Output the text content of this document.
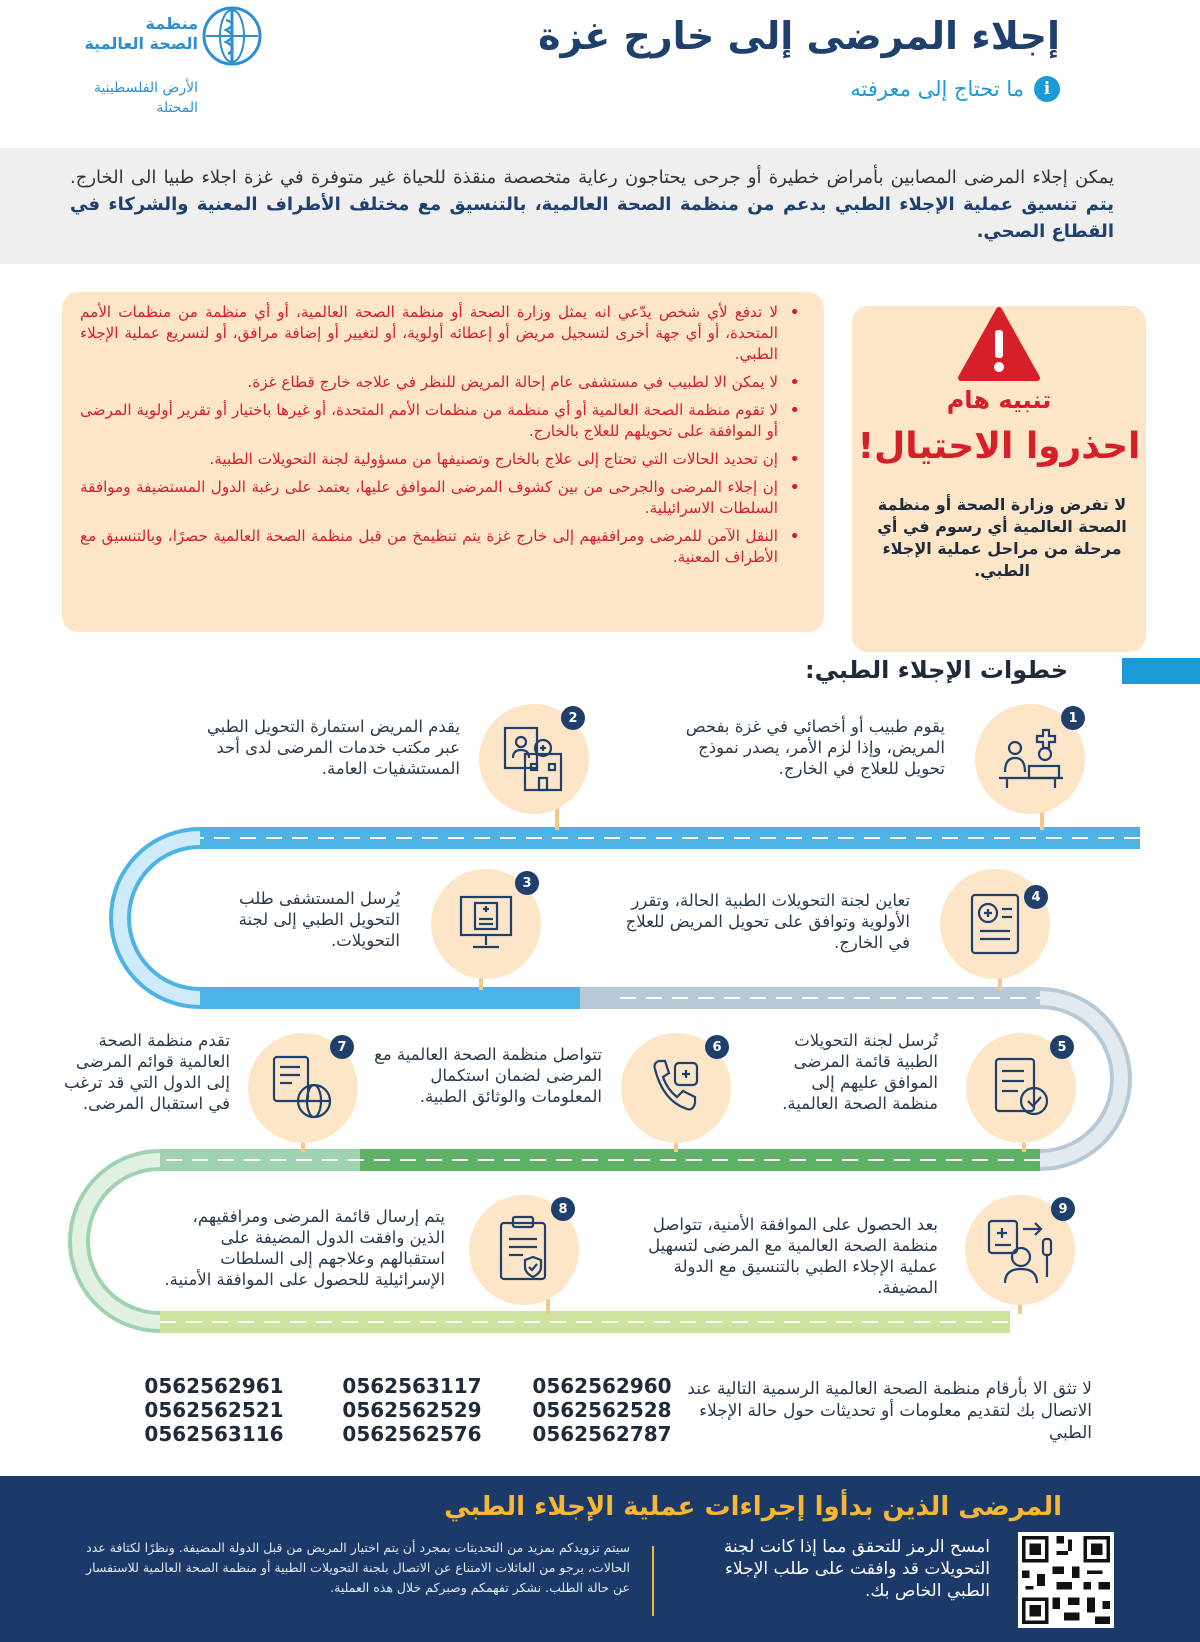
إجلاء المرضى إلى خارج غزة
i
ما تحتاج إلى معرفته
منظمة
الصحة العالمية
الأرض الفلسطينية المحتلة
يمكن إجلاء المرضى المصابين بأمراض خطيرة أو جرحى يحتاجون رعاية متخصصة منقذة للحياة غير متوفرة في غزة اجلاء طبيا الى الخارج. يتم تنسيق عملية الإجلاء الطبي بدعم من منظمة الصحة العالمية، بالتنسيق مع مختلف الأطراف المعنية والشركاء في القطاع الصحي.
• لا تدفع لأي شخص يدّعي انه يمثل وزارة الصحة أو منظمة الصحة العالمية، أو أي منظمة من منظمات الأمم المتحدة، أو أي جهة أخرى لتسجيل مريض أو إعطائه أولوية، أو لتغيير أو إضافة مرافق، أو لتسريع عملية الإجلاء الطبي.
• لا يمكن الا لطبيب في مستشفى عام إحالة المريض للنظر في علاجه خارج قطاع غزة.
• لا تقوم منظمة الصحة العالمية أو أي منظمة من منظمات الأمم المتحدة، أو غيرها باختيار أو تقرير أولوية المرضى أو الموافقة على تحويلهم للعلاج بالخارج.
• إن تحديد الحالات التي تحتاج إلى علاج بالخارج وتصنيفها من مسؤولية لجنة التحويلات الطبية.
• إن إجلاء المرضى والجرحى من بين كشوف المرضى الموافق عليها، يعتمد على رغبة الدول المستضيفة وموافقة السلطات الاسرائيلية.
• النقل الآمن للمرضى ومرافقيهم إلى خارج غزة يتم تنظيمخ من قبل منظمة الصحة العالمية حصرًا، وبالتنسيق مع الأطراف المعنية.
تنبيه هام
احذروا الاحتيال!
لا تفرض وزارة الصحة أو منظمة الصحة العالمية أي رسوم في أي مرحلة من مراحل عملية الإجلاء الطبي.
خطوات الإجلاء الطبي:
1
يقوم طبيب أو أخصائي في غزة بفحص المريض، وإذا لزم الأمر، يصدر نموذج تحويل للعلاج في الخارج.
2
يقدم المريض استمارة التحويل الطبي عبر مكتب خدمات المرضى لدى أحد المستشفيات العامة.
3
يُرسل المستشفى طلب التحويل الطبي إلى لجنة التحويلات.
4
تعاين لجنة التحويلات الطبية الحالة، وتقرر الأولوية وتوافق على تحويل المريض للعلاج في الخارج.
5
تُرسل لجنة التحويلات الطبية قائمة المرضى الموافق عليهم إلى منظمة الصحة العالمية.
6
تتواصل منظمة الصحة العالمية مع المرضى لضمان استكمال المعلومات والوثائق الطبية.
7
تقدم منظمة الصحة العالمية قوائم المرضى إلى الدول التي قد ترغب في استقبال المرضى.
8
يتم إرسال قائمة المرضى ومرافقيهم، الذين وافقت الدول المضيفة على استقبالهم وعلاجهم إلى السلطات الإسرائيلية للحصول على الموافقة الأمنية.
9
بعد الحصول على الموافقة الأمنية، تتواصل منظمة الصحة العالمية مع المرضى لتسهيل عملية الإجلاء الطبي بالتنسيق مع الدولة المضيفة.
لا تثق الا بأرقام منظمة الصحة العالمية الرسمية التالية عند الاتصال بك لتقديم معلومات أو تحديثات حول حالة الإجلاء الطبي
0562562960
0562562528
0562562787
0562563117
0562562529
0562562576
0562562961
0562562521
0562563116
المرضى الذين بدأوا إجراءات عملية الإجلاء الطبي
امسح الرمز للتحقق مما إذا كانت لجنة التحويلات قد وافقت على طلب الإجلاء الطبي الخاص بك.
سيتم تزويدكم بمزيد من التحديثات بمجرد أن يتم اختيار المريض من قبل الدولة المضيفة. ونظرًا لكثافة عدد الحالات، يرجو من العائلات الامتناع عن الاتصال بلجنة التحويلات الطبية أو منظمة الصحة العالمية للاستفسار عن حالة الطلب. نشكر تفهمكم وصبركم خلال هذه العملية.
